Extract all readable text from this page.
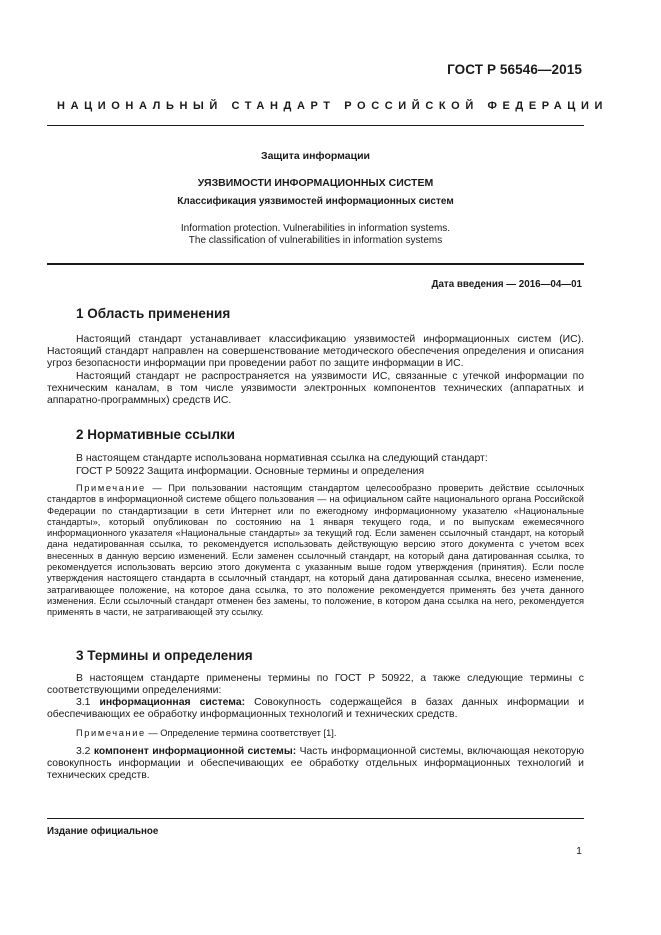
ГОСТ Р 56546—2015
НАЦИОНАЛЬНЫЙ СТАНДАРТ РОССИЙСКОЙ ФЕДЕРАЦИИ
Защита информации
УЯЗВИМОСТИ ИНФОРМАЦИОННЫХ СИСТЕМ
Классификация уязвимостей информационных систем
Information protection. Vulnerabilities in information systems.
The classification of vulnerabilities in information systems
Дата введения — 2016—04—01
1 Область применения
Настоящий стандарт устанавливает классификацию уязвимостей информационных систем (ИС). Настоящий стандарт направлен на совершенствование методического обеспечения определения и описания угроз безопасности информации при проведении работ по защите информации в ИС.
Настоящий стандарт не распространяется на уязвимости ИС, связанные с утечкой информации по техническим каналам, в том числе уязвимости электронных компонентов технических (аппаратных и аппаратно-программных) средств ИС.
2 Нормативные ссылки
В настоящем стандарте использована нормативная ссылка на следующий стандарт:
ГОСТ Р 50922 Защита информации. Основные термины и определения
Примечание — При пользовании настоящим стандартом целесообразно проверить действие ссылочных стандартов в информационной системе общего пользования — на официальном сайте национального органа Российской Федерации по стандартизации в сети Интернет или по ежегодному информационному указателю «Национальные стандарты», который опубликован по состоянию на 1 января текущего года, и по выпускам ежемесячного информационного указателя «Национальные стандарты» за текущий год. Если заменен ссылочный стандарт, на который дана недатированная ссылка, то рекомендуется использовать действующую версию этого документа с учетом всех внесенных в данную версию изменений. Если заменен ссылочный стандарт, на который дана датированная ссылка, то рекомендуется использовать версию этого документа с указанным выше годом утверждения (принятия). Если после утверждения настоящего стандарта в ссылочный стандарт, на который дана датированная ссылка, внесено изменение, затрагивающее положение, на которое дана ссылка, то это положение рекомендуется применять без учета данного изменения. Если ссылочный стандарт отменен без замены, то положение, в котором дана ссылка на него, рекомендуется применять в части, не затрагивающей эту ссылку.
3 Термины и определения
В настоящем стандарте применены термины по ГОСТ Р 50922, а также следующие термины с соответствующими определениями:
3.1 информационная система: Совокупность содержащейся в базах данных информации и обеспечивающих ее обработку информационных технологий и технических средств.
Примечание — Определение термина соответствует [1].
3.2 компонент информационной системы: Часть информационной системы, включающая некоторую совокупность информации и обеспечивающих ее обработку отдельных информационных технологий и технических средств.
Издание официальное
1
